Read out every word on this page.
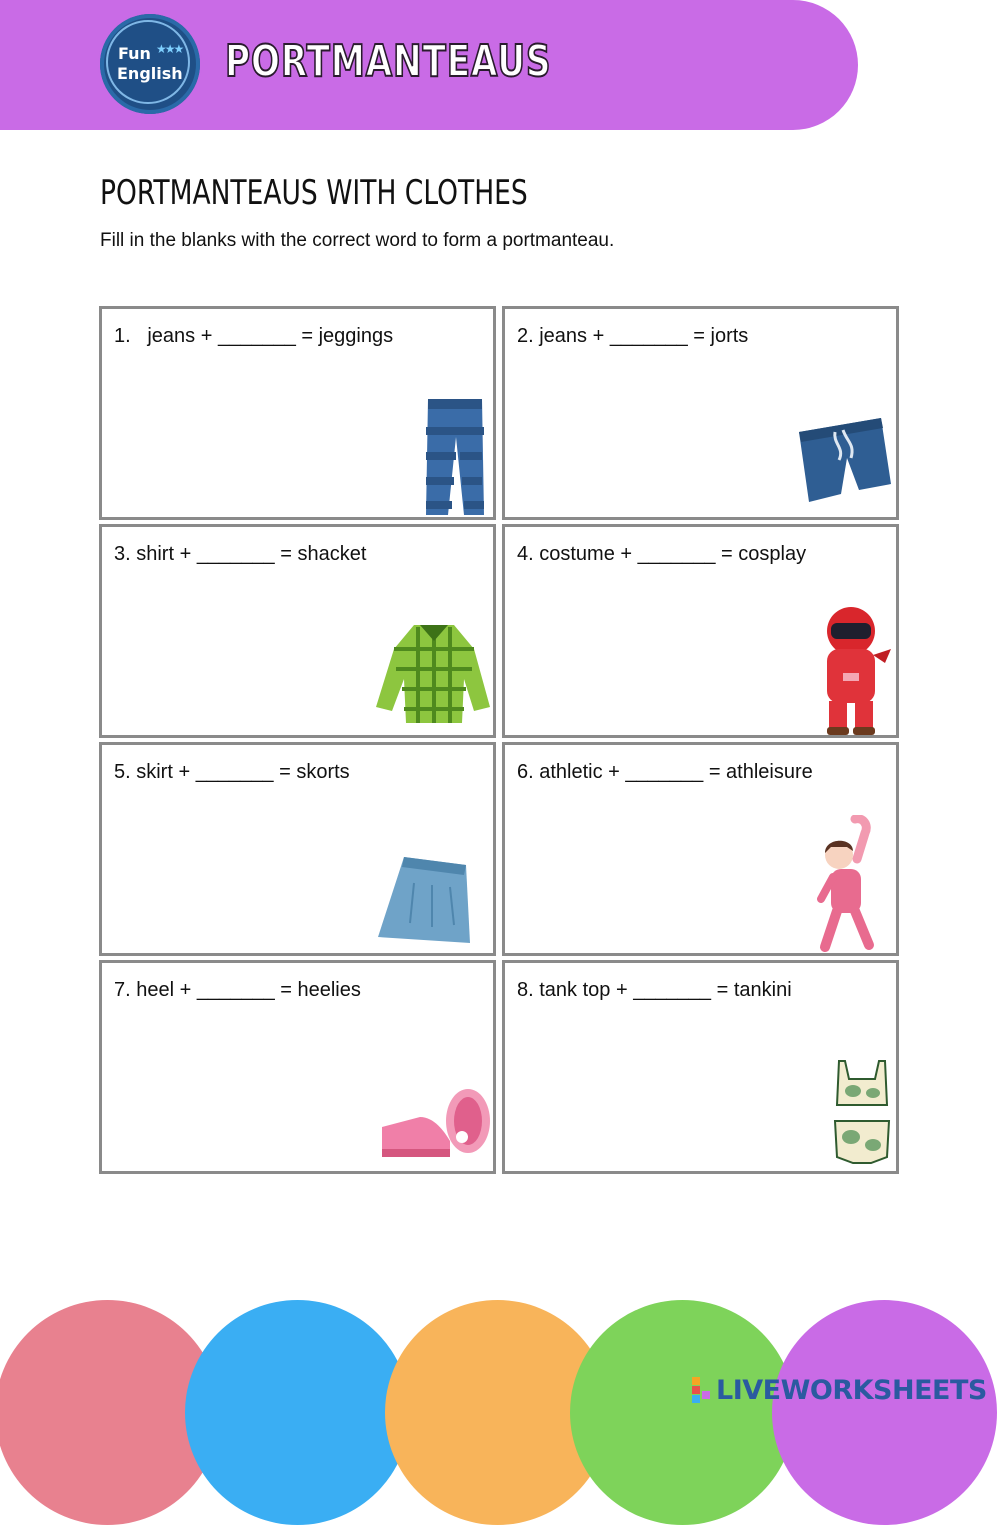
Fun ★★★
English PORTMANTEAUS
PORTMANTEAUS WITH CLOTHES
Fill in the blanks with the correct word to form a portmanteau.
1.   jeans + _______ = jeggings	2. jeans + _______ = jorts
3. shirt + _______ = shacket	4. costume + _______ = cosplay
5. skirt + _______ = skorts	6. athletic + _______ = athleisure
7. heel + _______ = heelies	8. tank top + _______ = tankini
LIVEWORKSHEETS
